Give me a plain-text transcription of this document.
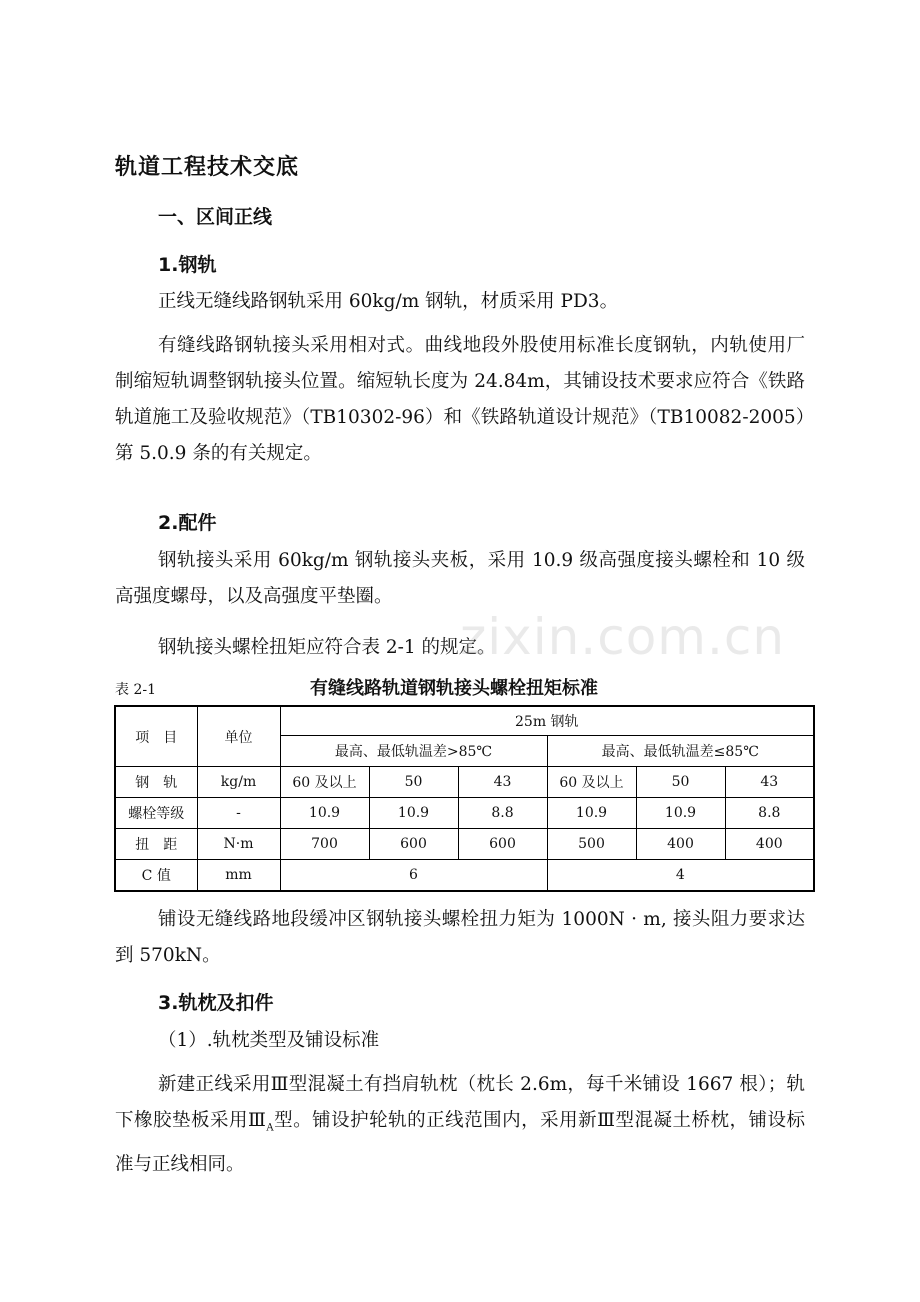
轨道工程技术交底
一、区间正线
1.钢轨

正线无缝线路钢轨采用 60kg/m 钢轨，材质采用 PD3。

有缝线路钢轨接头采用相对式。曲线地段外股使用标准长度钢轨，内轨使用厂制缩短轨调整钢轨接头位置。缩短轨长度为 24.84m，其铺设技术要求应符合《铁路轨道施工及验收规范》（TB10302-96）和《铁路轨道设计规范》（TB10082-2005）第 5.0.9 条的有关规定。

2.配件

钢轨接头采用 60kg/m 钢轨接头夹板，采用 10.9 级高强度接头螺栓和 10 级高强度螺母，以及高强度平垫圈。

钢轨接头螺栓扭矩应符合表 2-1 的规定。

zixin.com.cn
表 2-1	有缝线路轨道钢轨接头螺栓扭矩标准
项　目	单位	25m 钢轨					
		最高、最低轨温差>85℃			最高、最低轨温差≤85℃		
钢　轨	kg/m	60 及以上	50	43	60 及以上	50	43
螺栓等级	-	10.9	10.9	8.8	10.9	10.9	8.8
扭　距	N·m	700	600	600	500	400	400
C 值	mm	6			4		

铺设无缝线路地段缓冲区钢轨接头螺栓扭力矩为 1000N · m, 接头阻力要求达到 570kN。

3.轨枕及扣件

（1）.轨枕类型及铺设标准

新建正线采用Ⅲ型混凝土有挡肩轨枕（枕长 2.6m，每千米铺设 1667 根）；轨下橡胶垫板采用$Ⅲ_A$型。铺设护轮轨的正线范围内，采用新Ⅲ型混凝土桥枕，铺设标准与正线相同。
